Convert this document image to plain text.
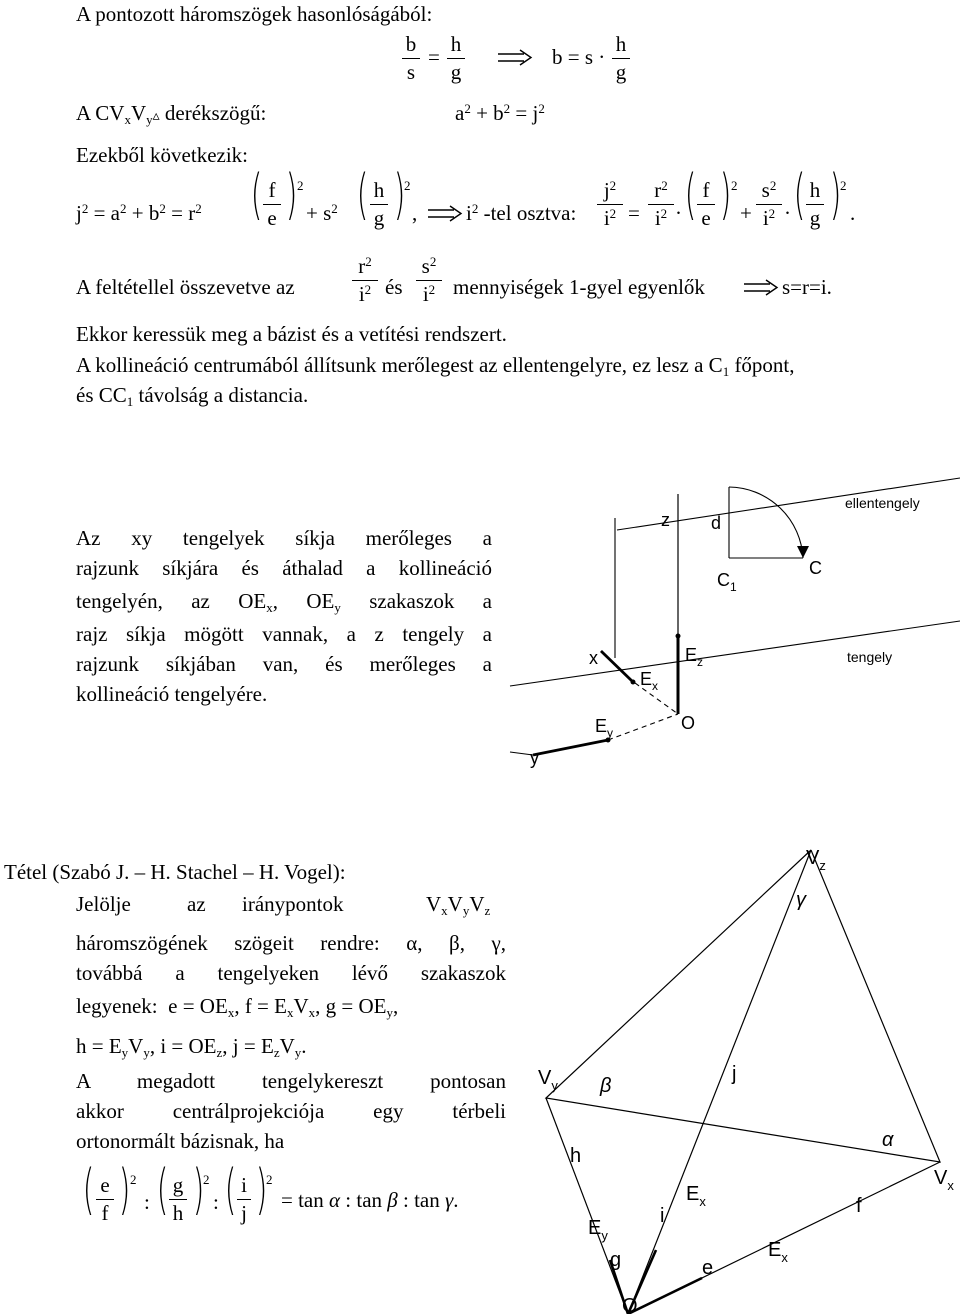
A pontozott háromszögek hasonlóságából:
b
s
=
h
g
b = s ·
h
g
A $CV_xV_y▵$ derékszögű:	$a^2 + b^2 = j^2$
Ezekből következik:
$j^2 = a^2 + b^2 = r^2$ ( f
e ) 2
+ $s^2$ ( h
g )
2
, $i^2$ -tel osztva:
$j^2$
$i^2$ =
$r^2$
$i^2$ · ( f
e ) 2
+
$s^2$
$i^2$ · ( h
g )
2
.
A feltétellel összevetve az
$r^2$
$i^2$ és
$s^2$
$i^2$ mennyiségek 1-gyel egyenlők	s=r=i.
Ekkor keressük meg a bázist és a vetítési rendszert.
A kollineáció centrumából állítsunk merőlegest az ellentengelyre, ez lesz a $C_1$ főpont,
és $CC_1$ távolság a distancia.
Az xy tengelyek síkja merőleges a
rajzunk síkjára és áthalad a kollineáció
tengelyén, az $OE_x$, $OE_y$ szakaszok a
rajz síkja mögött vannak, a z tengely a
rajzunk síkjában van, és merőleges a
kollineáció tengelyére.
z d
$C_1$
C
ellentengely
tengely
x
$E_x$
$E_z$
O
$E_y$
y
Tétel (Szabó J. – H. Stachel – H. Vogel):
Jelölje	az iránypontok	$V_xV_yV_z$
háromszögének szögeit rendre: α, β, γ,
továbbá a tengelyeken lévő szakaszok
legyenek: $e = OE_x$, $f = E_xV_x$, $g = OE_y$,
$h = E_yV_y$, $i = OE_z$, $j = E_zV_y$.
A megadott tengelykereszt pontosan
akkor centrálprojekciója egy térbeli
ortonormált bázisnak, ha
( e
f ) 2
: ( g
h )
2
: ( i
j )
2
= tan α : tan β : tan γ.
$V_z$
γ
$V_y$ β
j
h
α
$V_x$
$E_x$	f
i
$E_y$
g	e
$E_x$
O
